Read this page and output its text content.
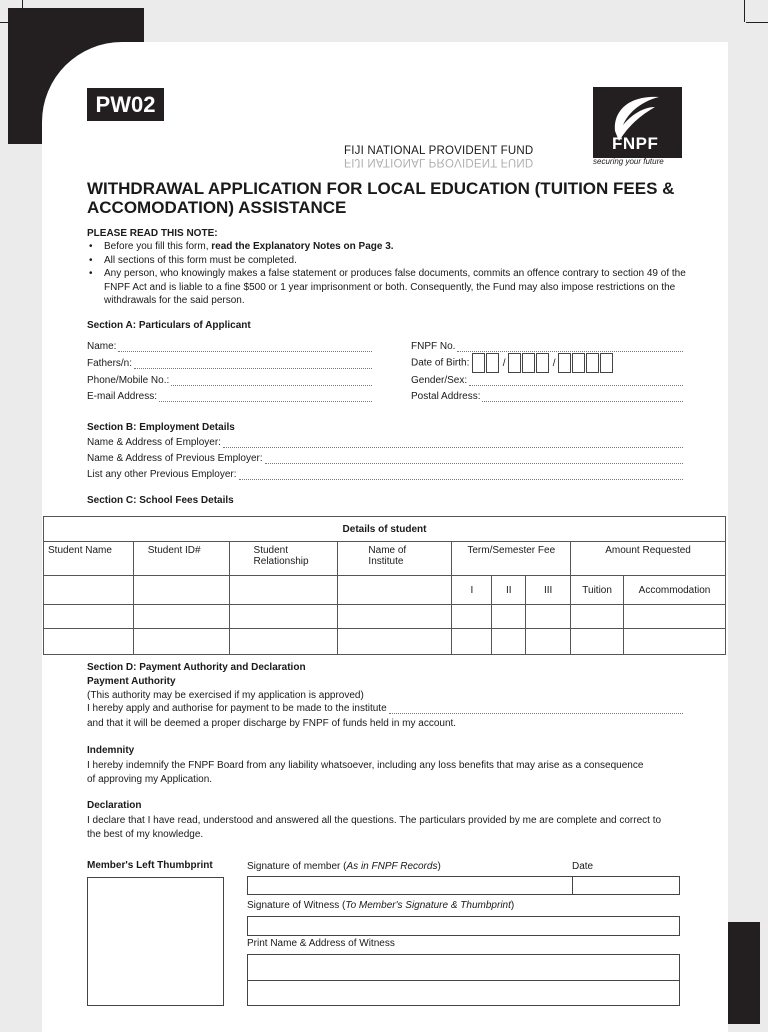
PW02
FIJI NATIONAL PROVIDENT FUND
FIJI NATIONAL PROVIDENT FUND
FNPF
securing your future
WITHDRAWAL APPLICATION FOR LOCAL EDUCATION (TUITION FEES & ACCOMODATION) ASSISTANCE
PLEASE READ THIS NOTE:
• Before you fill this form, read the Explanatory Notes on Page 3.
• All sections of this form must be completed.
• Any person, who knowingly makes a false statement or produces false documents, commits an offence contrary to section 49 of the FNPF Act and is liable to a fine $500 or 1 year imprisonment or both. Consequently, the Fund may also impose restrictions on the withdrawals for the said person.
Section A: Particulars of Applicant
Name:
Fathers/n:
Phone/Mobile No.:
E-mail Address:
FNPF No.
Date of Birth:	/	/
Gender/Sex:
Postal Address:
Section B: Employment Details
Name & Address of Employer:
Name & Address of Previous Employer:
List any other Previous Employer:
Section C: School Fees Details
Details of student								
Student Name	Student ID#	Student Relationship	Name of Institute	Term/Semester Fee			Amount Requested	
				I	II	III	Tuition	Accommodation

Section D: Payment Authority and Declaration
Payment Authority
(This authority may be exercised if my application is approved)
I hereby apply and authorise for payment to be made to the institute
and that it will be deemed a proper discharge by FNPF of funds held in my account.
Indemnity
I hereby indemnify the FNPF Board from any liability whatsoever, including any loss benefits that may arise as a consequence of approving my Application.
Declaration
I declare that I have read, understood and answered all the questions. The particulars provided by me are complete and correct to the best of my knowledge.
Member's Left Thumbprint	Signature of member (As in FNPF Records)	Date
Signature of Witness (To Member's Signature & Thumbprint)
Print Name & Address of Witness
